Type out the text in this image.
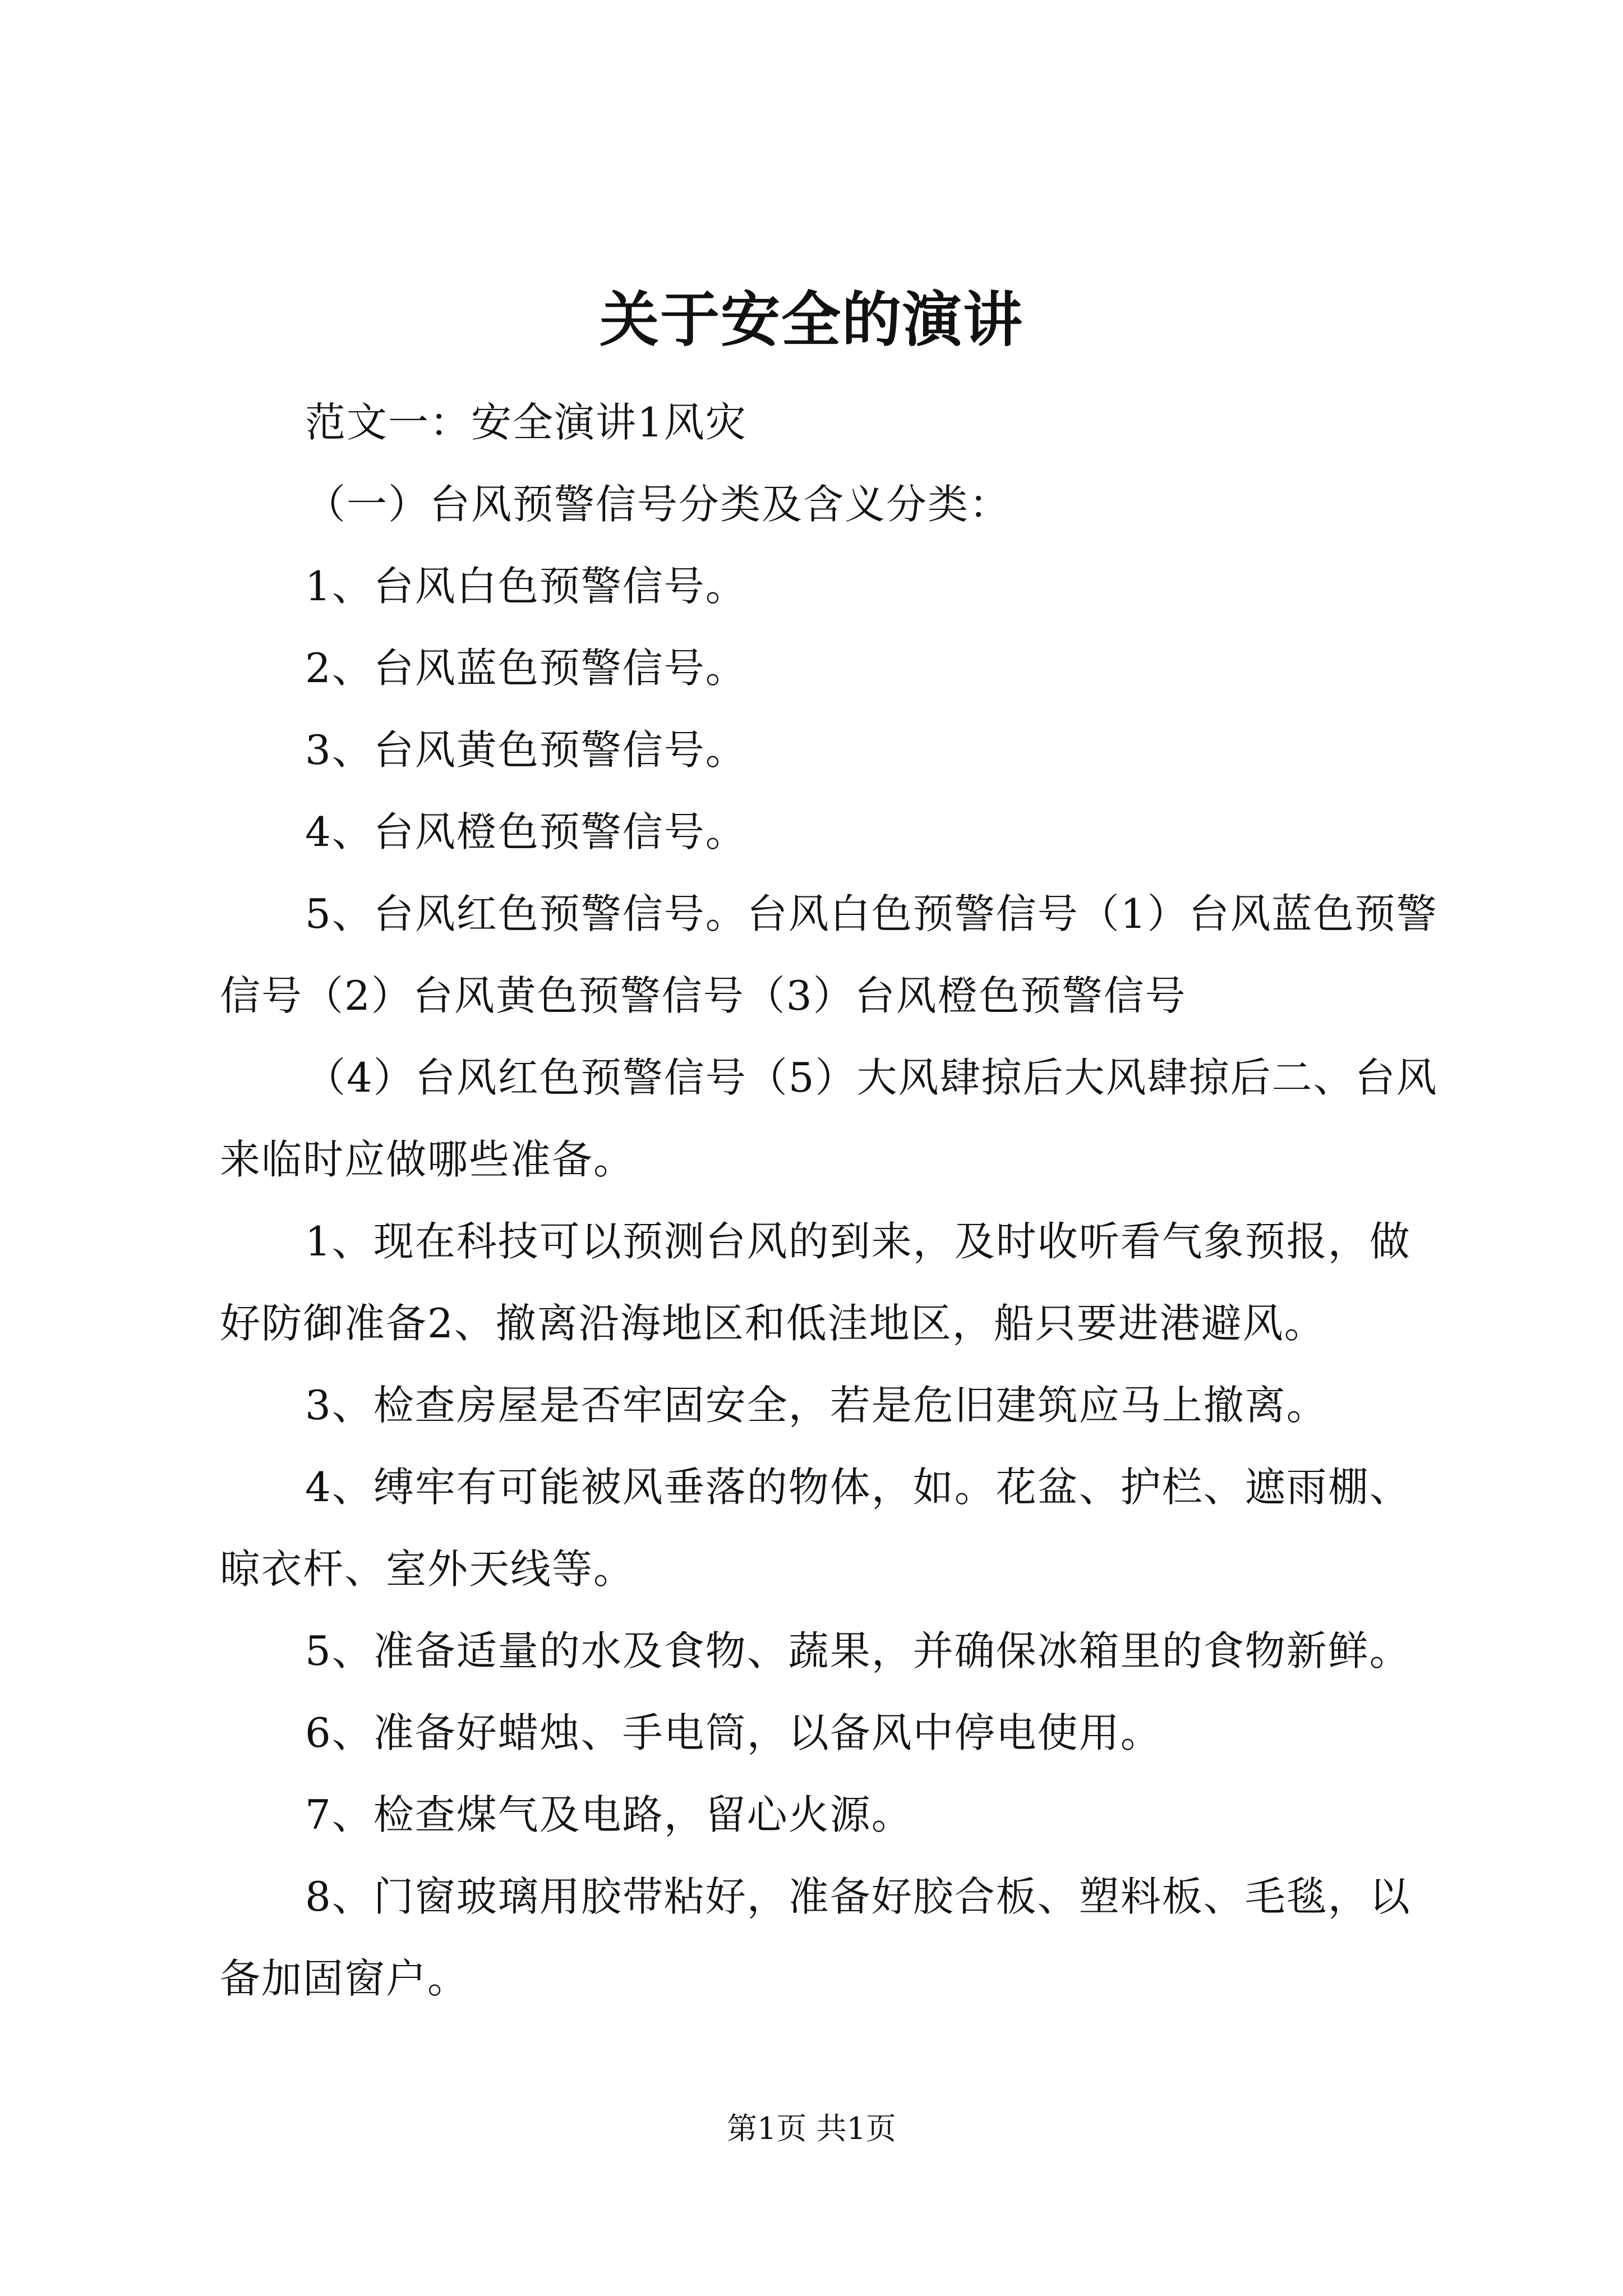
关于安全的演讲

范文一：安全演讲1风灾

（一）台风预警信号分类及含义分类：

1、台风白色预警信号。

2、台风蓝色预警信号。

3、台风黄色预警信号。

4、台风橙色预警信号。

5、台风红色预警信号。台风白色预警信号（1）台风蓝色预警信号（2）台风黄色预警信号（3）台风橙色预警信号

（4）台风红色预警信号（5）大风肆掠后大风肆掠后二、台风来临时应做哪些准备。

1、现在科技可以预测台风的到来，及时收听看气象预报，做好防御准备2、撤离沿海地区和低洼地区，船只要进港避风。

3、检查房屋是否牢固安全，若是危旧建筑应马上撤离。

4、缚牢有可能被风垂落的物体，如。花盆、护栏、遮雨棚、晾衣杆、室外天线等。

5、准备适量的水及食物、蔬果，并确保冰箱里的食物新鲜。

6、准备好蜡烛、手电筒，以备风中停电使用。

7、检查煤气及电路，留心火源。

8、门窗玻璃用胶带粘好，准备好胶合板、塑料板、毛毯，以备加固窗户。

第1页 共1页
